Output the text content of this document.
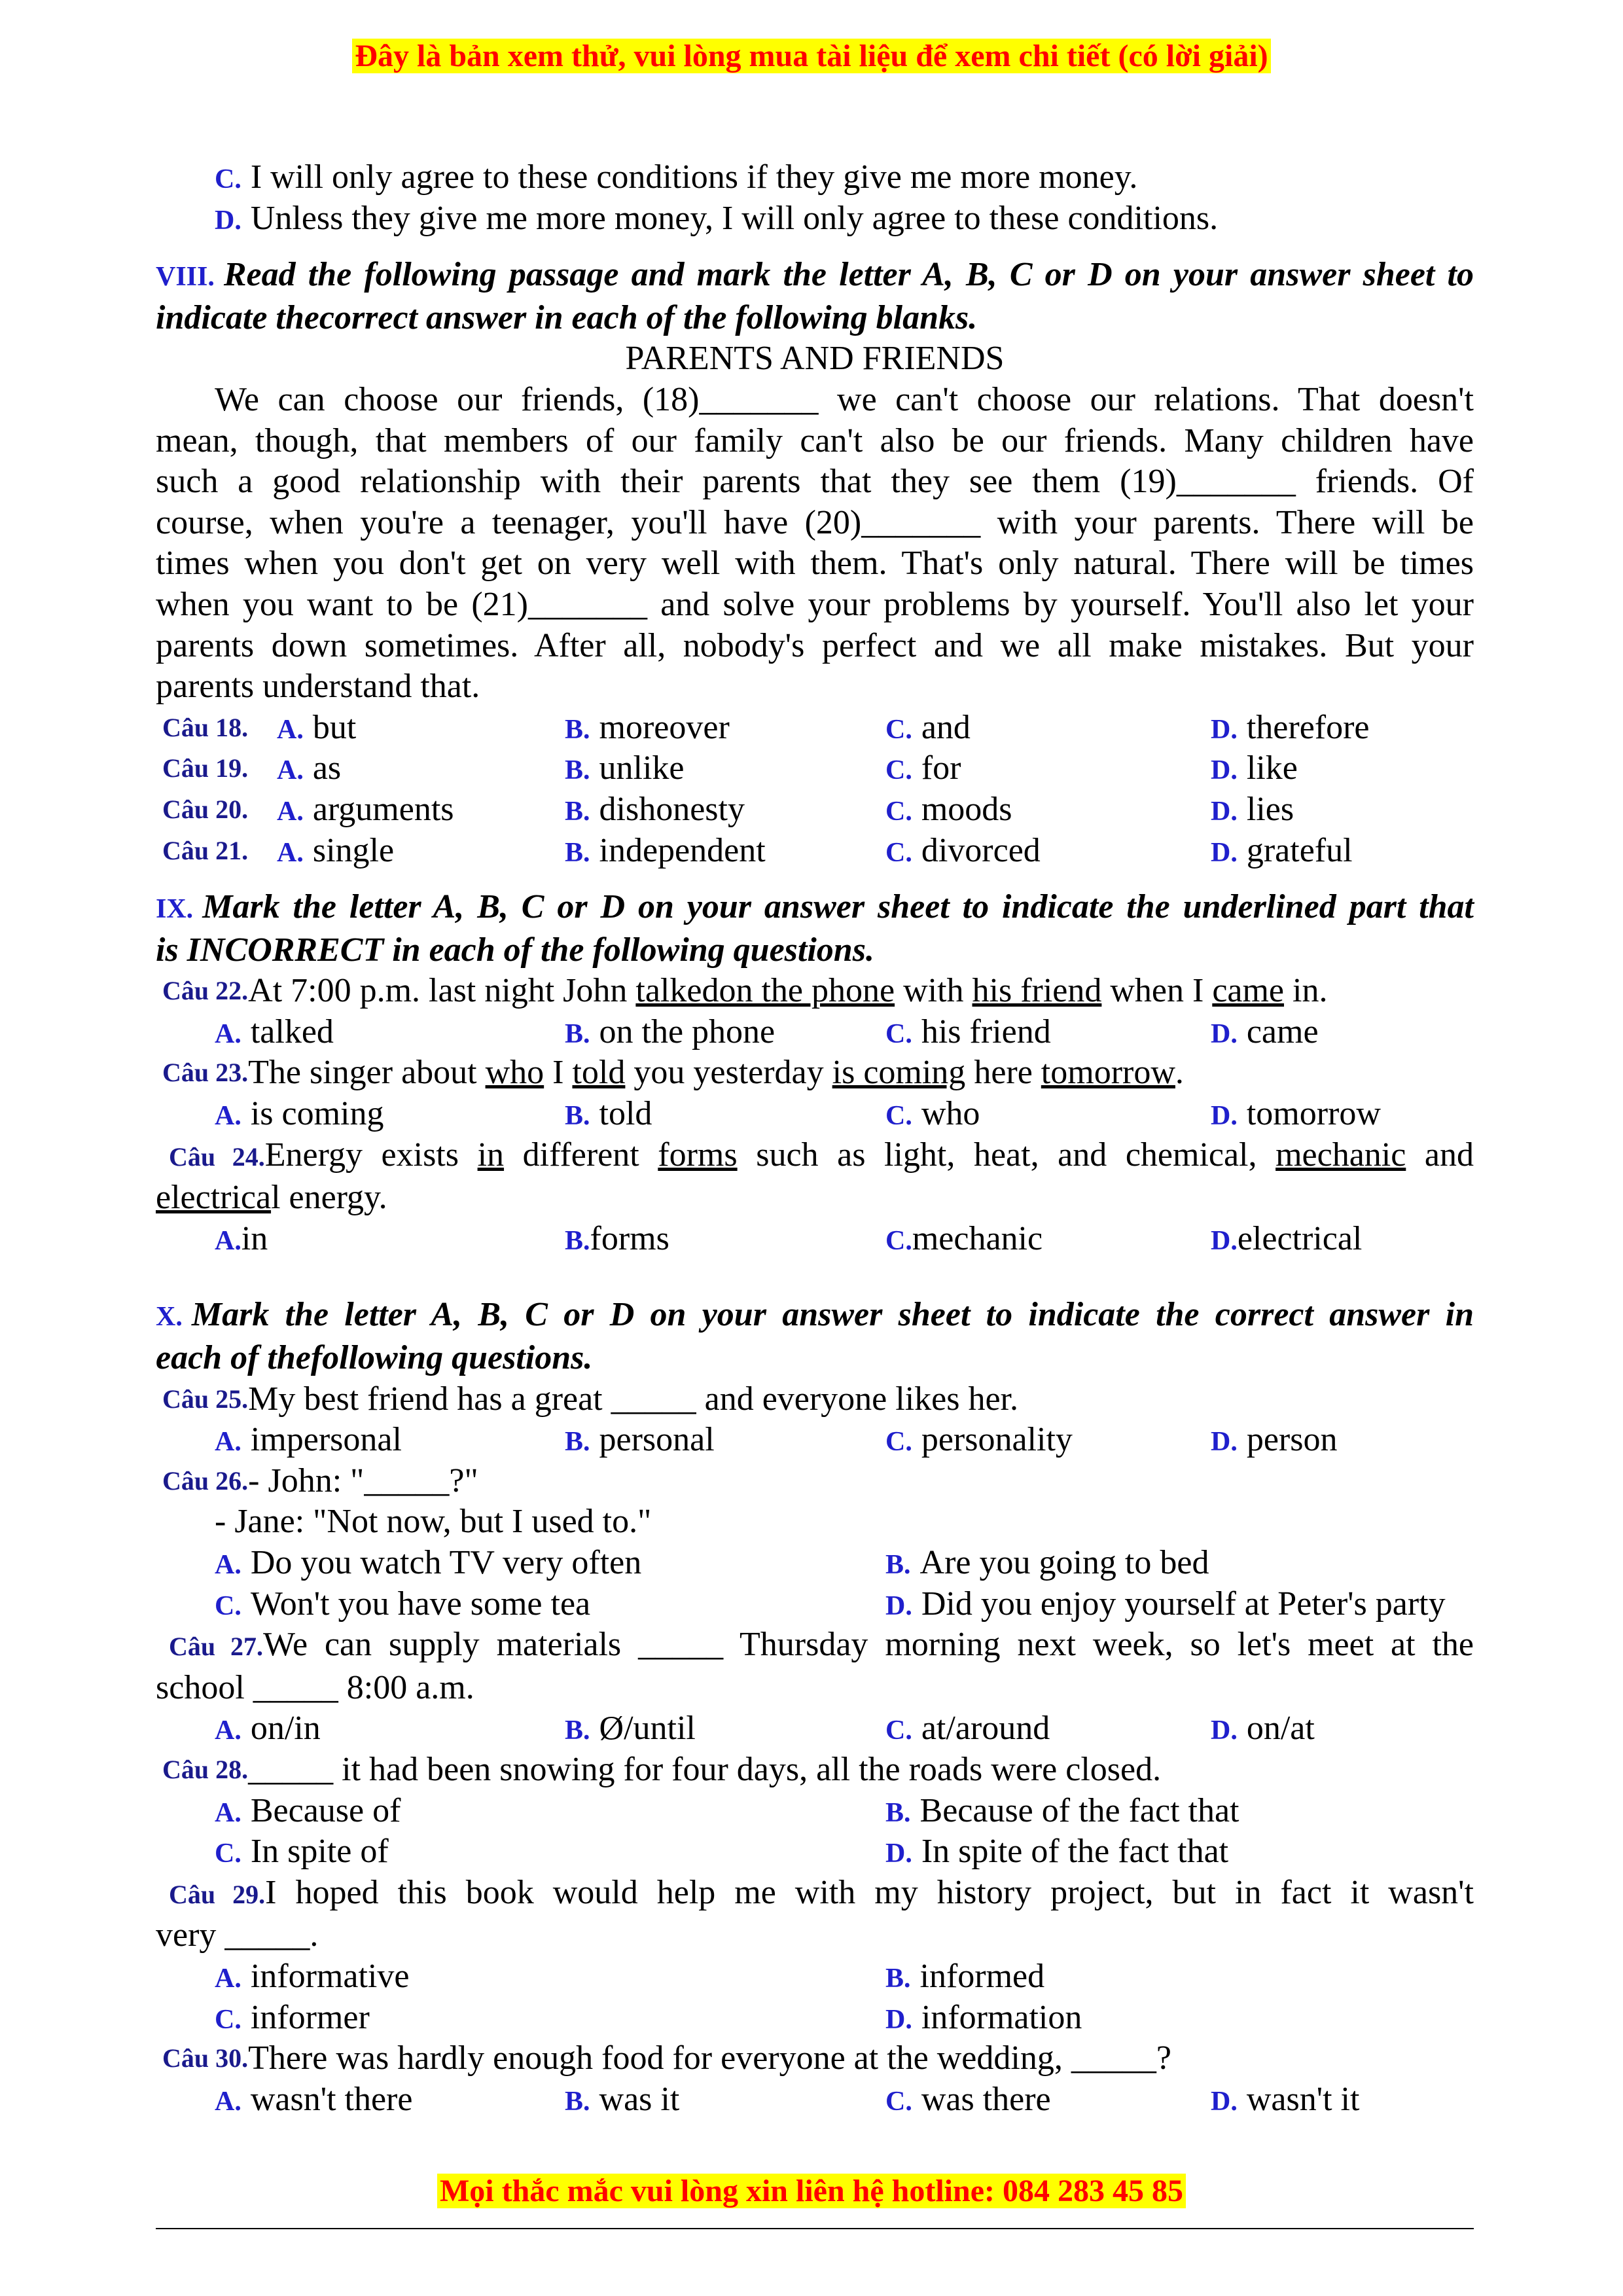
Đây là bản xem thử, vui lòng mua tài liệu để xem chi tiết (có lời giải)
C. I will only agree to these conditions if they give me more money.
D. Unless they give me more money, I will only agree to these conditions.
VIII. Read the following passage and mark the letter A, B, C or D on your answer sheet to
indicate thecorrect answer in each of the following blanks.
PARENTS AND FRIENDS
We can choose our friends, (18)_______ we can't choose our relations. That doesn't
mean, though, that members of our family can't also be our friends. Many children have
such a good relationship with their parents that they see them (19)_______ friends. Of
course, when you're a teenager, you'll have (20)_______ with your parents. There will be
times when you don't get on very well with them. That's only natural. There will be times
when you want to be (21)_______ and solve your problems by yourself. You'll also let your
parents down sometimes. After all, nobody's perfect and we all make mistakes. But your
parents understand that.
Câu 18. A. but	B. moreover	C. and	D. therefore
Câu 19. A. as	B. unlike	C. for	D. like
Câu 20. A. arguments	B. dishonesty	C. moods	D. lies
Câu 21. A. single	B. independent	C. divorced	D. grateful
IX. Mark the letter A, B, C or D on your answer sheet to indicate the underlined part that
is INCORRECT in each of the following questions.
Câu 22. At 7:00 p.m. last night John talkedon the phone with his friend when I came in.
A. talked	B. on the phone	C. his friend	D. came
Câu 23. The singer about who I told you yesterday is coming here tomorrow .
A. is coming	B. told	C. who	D. tomorrow
Câu 24.Energy exists in different forms such as light, heat, and chemical, mechanic and
electrical energy.
A.in	B.forms	C.mechanic	D.electrical
X. Mark the letter A, B, C or D on your answer sheet to indicate the correct answer in
each of thefollowing questions.
Câu 25. My best friend has a great _____ and everyone likes her.
A. impersonal	B. personal	C. personality	D. person
Câu 26. - John: "_____?"
- Jane: "Not now, but I used to."
A. Do you watch TV very often	B. Are you going to bed
C. Won't you have some tea	D. Did you enjoy yourself at Peter's party
Câu 27.We can supply materials _____ Thursday morning next week, so let's meet at the
school _____ 8:00 a.m.
A. on/in	B. Ø/until	C. at/around	D. on/at
Câu 28. _____ it had been snowing for four days, all the roads were closed.
A. Because of	B. Because of the fact that
C. In spite of	D. In spite of the fact that
Câu 29.I hoped this book would help me with my history project, but in fact it wasn't
very _____.
A. informative	B. informed
C. informer	D. information
Câu 30. There was hardly enough food for everyone at the wedding, _____?
A. wasn't there	B. was it	C. was there	D. wasn't it
Mọi thắc mắc vui lòng xin liên hệ hotline: 084 283 45 85
